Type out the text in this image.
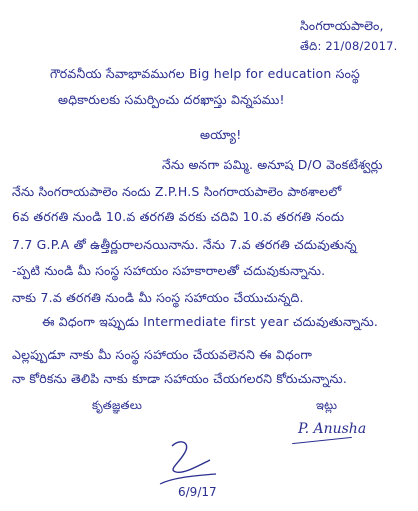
సింగరాయపాలెం,
తేది: 21/08/2017.
గౌరవనీయ సేవాభావముగల Big help for education సంస్థ
అధికారులకు సమర్పించు దరఖాస్తు విన్నపము!
అయ్యా!
నేను అనగా పమ్మి. అనూష D/O వెంకటేశ్వర్లు
నేను సింగరాయపాలెం నందు Z.P.H.S సింగరాయపాలెం పాఠశాలలో
6వ తరగతి నుండి 10.వ తరగతి వరకు చదివి 10.వ తరగతి నందు
7.7 G.P.A తో ఉత్తీర్ణురాలనయినాను. నేను 7.వ తరగతి చదువుతున్న
-ప్పటి నుండి మీ సంస్థ సహాయం సహకారాలతో చదువుకున్నాను.
నాకు 7.వ తరగతి నుండి మీ సంస్థ సహాయం చేయుచున్నది.
ఈ విధంగా ఇప్పుడు Intermediate first year చదువుతున్నాను.
ఎల్లప్పుడూ నాకు మీ సంస్థ సహాయం చేయవలెనని ఈ విధంగా
నా కోరికను తెలిపి నాకు కూడా సహాయం చేయగలరని కోరుచున్నాను.
కృతజ్ఞతలు	ఇట్లు
P. Anusha
6/9/17
